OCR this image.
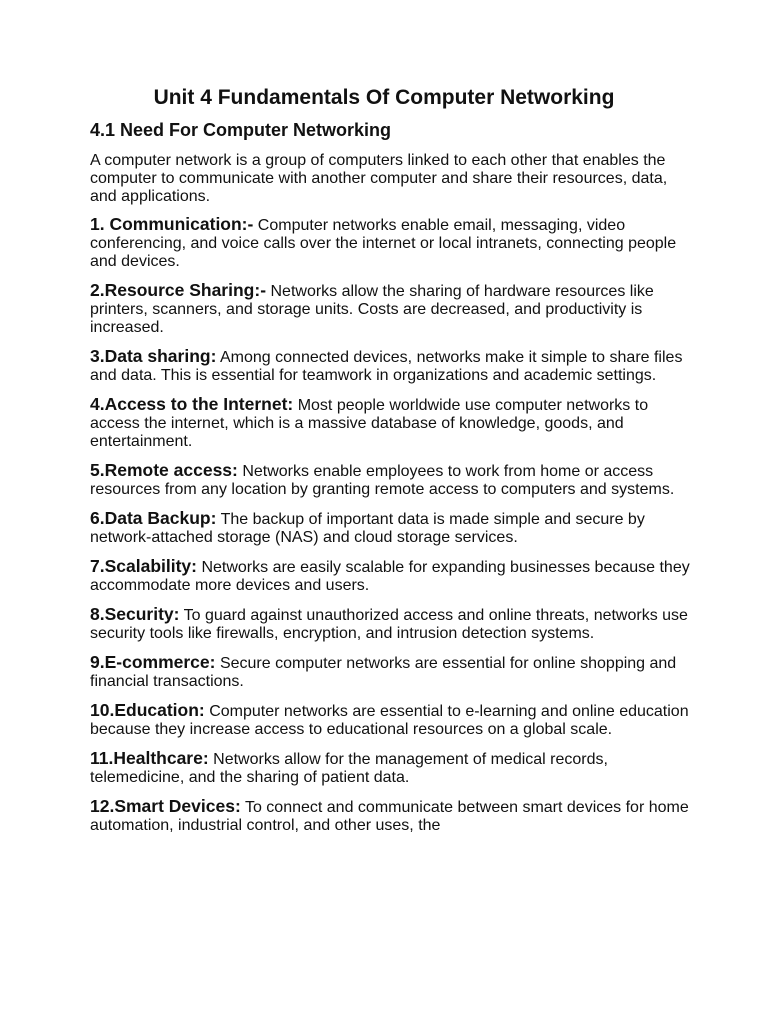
Unit 4 Fundamentals Of Computer Networking
4.1 Need For Computer Networking

A computer network is a group of computers linked to each other that enables the computer to communicate with another computer and share their resources, data, and applications.

1. Communication:- Computer networks enable email, messaging, video conferencing, and voice calls over the internet or local intranets, connecting people and devices.
2.Resource Sharing:- Networks allow the sharing of hardware resources like printers, scanners, and storage units. Costs are decreased, and productivity is increased.
3.Data sharing: Among connected devices, networks make it simple to share files and data. This is essential for teamwork in organizations and academic settings.
4.Access to the Internet: Most people worldwide use computer networks to access the internet, which is a massive database of knowledge, goods, and entertainment.
5.Remote access: Networks enable employees to work from home or access resources from any location by granting remote access to computers and systems.
6.Data Backup: The backup of important data is made simple and secure by network-attached storage (NAS) and cloud storage services.
7.Scalability: Networks are easily scalable for expanding businesses because they accommodate more devices and users.
8.Security: To guard against unauthorized access and online threats, networks use security tools like firewalls, encryption, and intrusion detection systems.
9.E-commerce: Secure computer networks are essential for online shopping and financial transactions.
10.Education: Computer networks are essential to e-learning and online education because they increase access to educational resources on a global scale.
11.Healthcare: Networks allow for the management of medical records, telemedicine, and the sharing of patient data.
12.Smart Devices: To connect and communicate between smart devices for home automation, industrial control, and other uses, the
